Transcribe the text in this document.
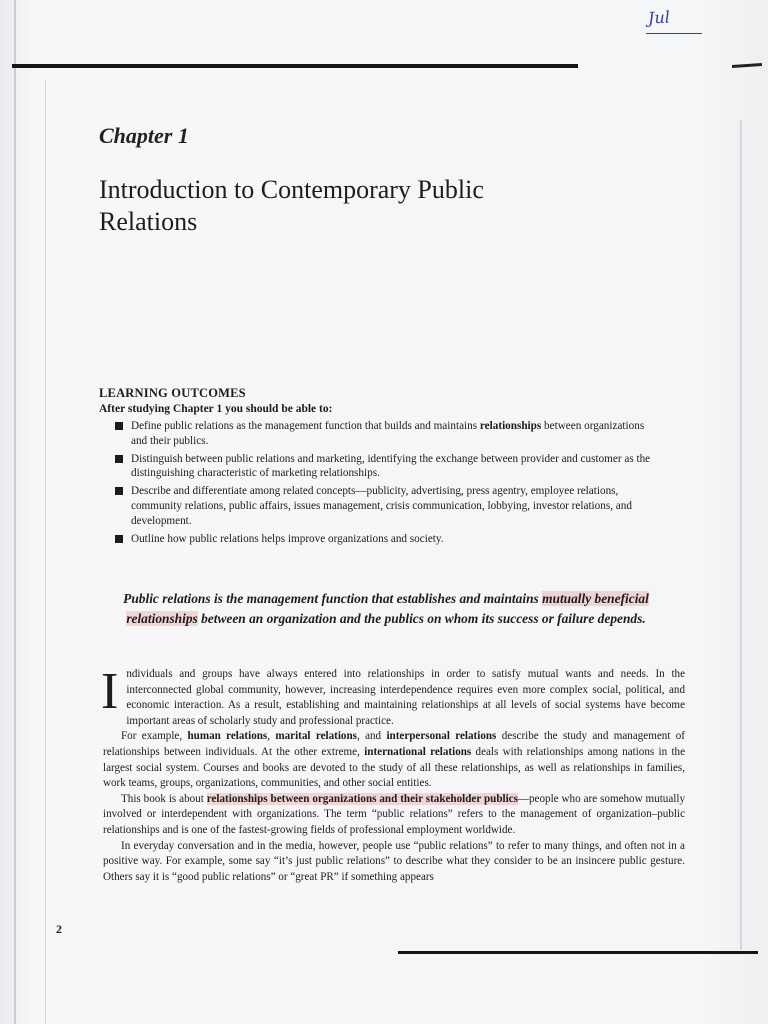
Jul
Chapter 1
Introduction to Contemporary Public Relations
LEARNING OUTCOMES
After studying Chapter 1 you should be able to:
Define public relations as the management function that builds and maintains relationships between organizations and their publics.
Distinguish between public relations and marketing, identifying the exchange between provider and customer as the distinguishing characteristic of marketing relationships.
Describe and differentiate among related concepts—publicity, advertising, press agentry, employee relations, community relations, public affairs, issues management, crisis communication, lobbying, investor relations, and development.
Outline how public relations helps improve organizations and society.
Public relations is the management function that establishes and maintains mutually beneficial relationships between an organization and the publics on whom its success or failure depends.

Individuals and groups have always entered into relationships in order to satisfy mutual wants and needs. In the interconnected global community, however, increasing interdependence requires even more complex social, political, and economic interaction. As a result, establishing and maintaining relationships at all levels of social systems have become important areas of scholarly study and professional practice.

For example, human relations, marital relations, and interpersonal relations describe the study and management of relationships between individuals. At the other extreme, international relations deals with relationships among nations in the largest social system. Courses and books are devoted to the study of all these relationships, as well as relationships in families, work teams, groups, organizations, communities, and other social entities.

This book is about relationships between organizations and their stakeholder publics—people who are somehow mutually involved or interdependent with organizations. The term “public relations” refers to the management of organization–public relationships and is one of the fastest-growing fields of professional employment worldwide.

In everyday conversation and in the media, however, people use “public relations” to refer to many things, and often not in a positive way. For example, some say “it’s just public relations” to describe what they consider to be an insincere public gesture. Others say it is “good public relations” or “great PR” if something appears

2
